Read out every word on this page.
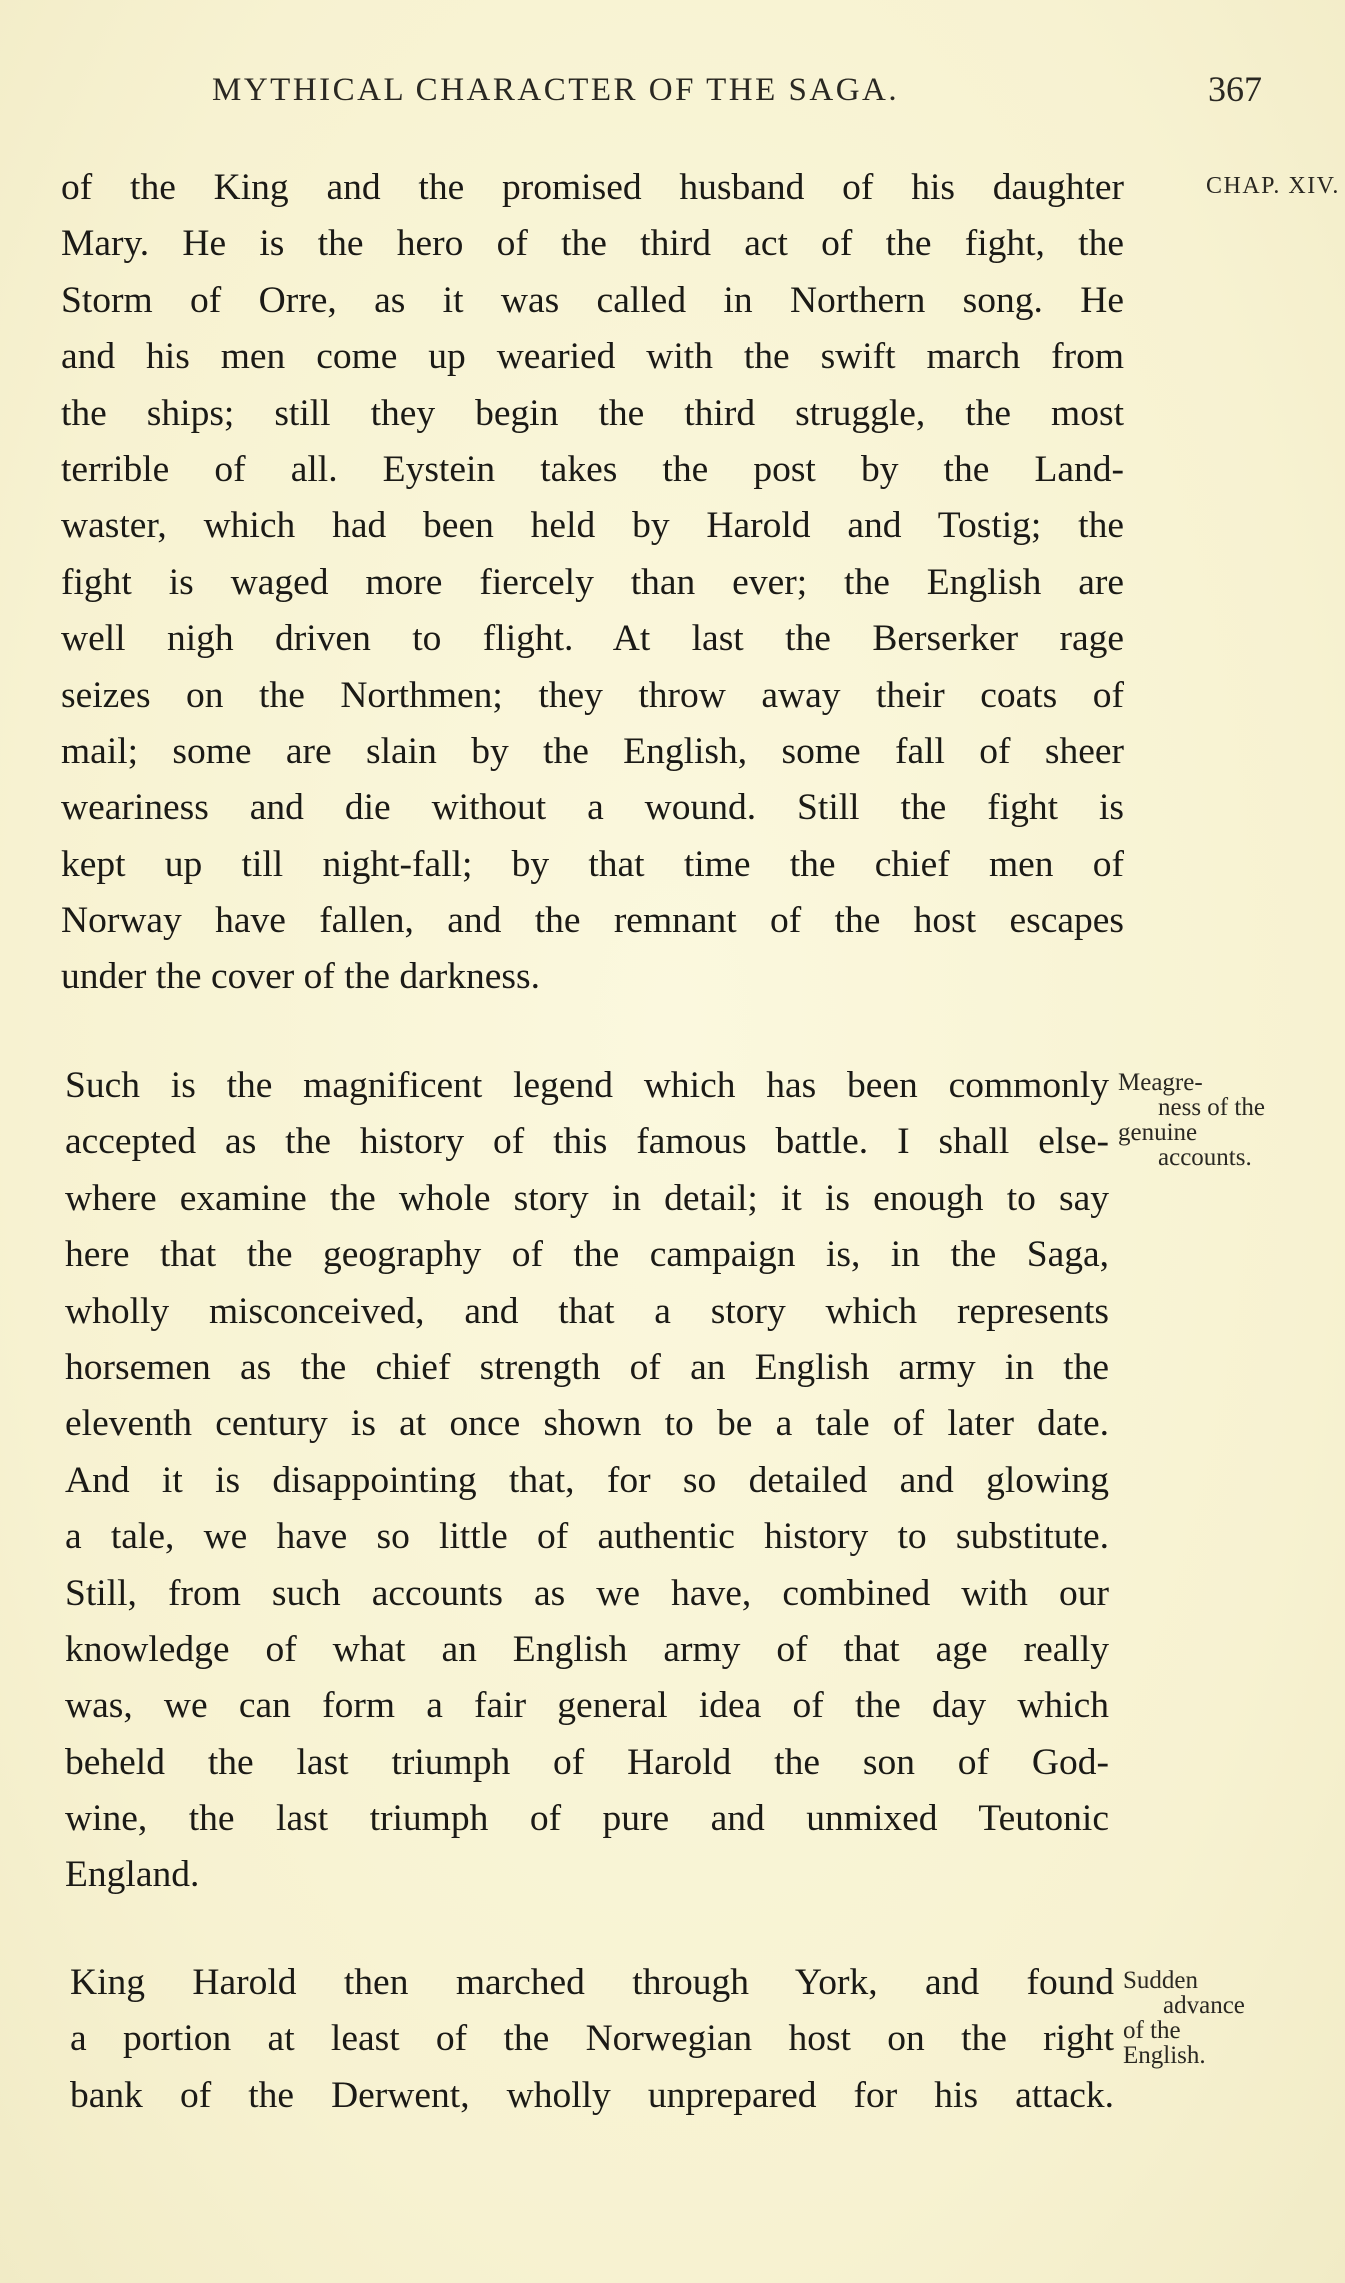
MYTHICAL CHARACTER OF THE SAGA.	367
CHAP. XIV.
of the King and the promised husband of his daughter
Mary. He is the hero of the third act of the fight, the
Storm of Orre, as it was called in Northern song. He
and his men come up wearied with the swift march from
the ships; still they begin the third struggle, the most
terrible of all. Eystein takes the post by the Land-
waster, which had been held by Harold and Tostig; the
fight is waged more fiercely than ever; the English are
well nigh driven to flight. At last the Berserker rage
seizes on the Northmen; they throw away their coats of
mail; some are slain by the English, some fall of sheer
weariness and die without a wound. Still the fight is
kept up till night-fall; by that time the chief men of
Norway have fallen, and the remnant of the host escapes
under the cover of the darkness.
Meagre-
ness of the
genuine
accounts.
Such is the magnificent legend which has been commonly
accepted as the history of this famous battle. I shall else-
where examine the whole story in detail; it is enough to say
here that the geography of the campaign is, in the Saga,
wholly misconceived, and that a story which represents
horsemen as the chief strength of an English army in the
eleventh century is at once shown to be a tale of later date.
And it is disappointing that, for so detailed and glowing
a tale, we have so little of authentic history to substitute.
Still, from such accounts as we have, combined with our
knowledge of what an English army of that age really
was, we can form a fair general idea of the day which
beheld the last triumph of Harold the son of God-
wine, the last triumph of pure and unmixed Teutonic
England.
Sudden
advance
of the
English.
King Harold then marched through York, and found
a portion at least of the Norwegian host on the right
bank of the Derwent, wholly unprepared for his attack.
